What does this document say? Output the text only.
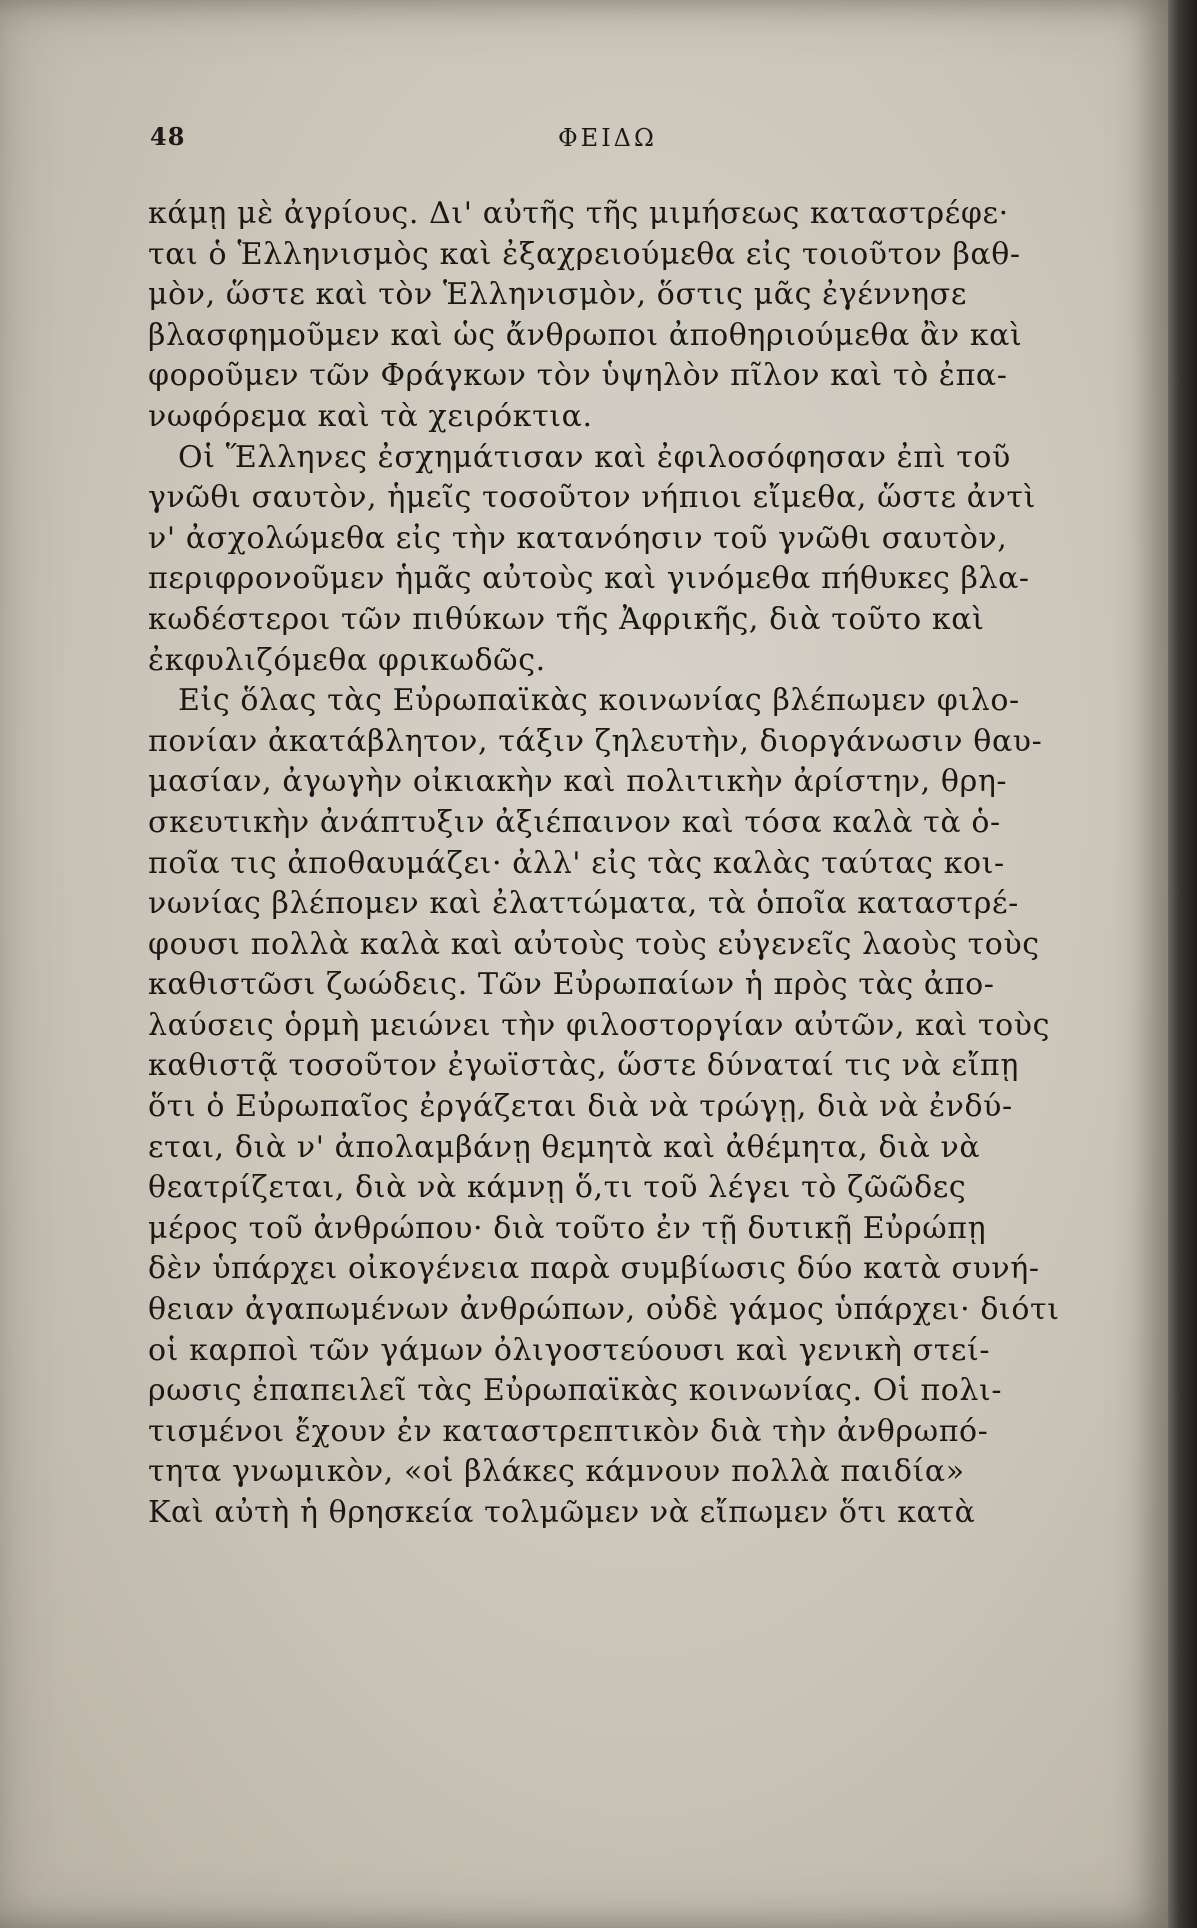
48	ΦΕΙΔΩ
κάμῃ μὲ ἀγρίους. Δι' αὐτῆς τῆς μιμήσεως καταστρέφε·
ται ὁ Ἑλληνισμὸς καὶ ἐξαχρειούμεθα εἰς τοιοῦτον βαθ-
μὸν, ὥστε καὶ τὸν Ἑλληνισμὸν, ὅστις μᾶς ἐγέννησε
βλασφημοῦμεν καὶ ὡς ἄνθρωποι ἀποθηριούμεθα ἂν καὶ
φοροῦμεν τῶν Φράγκων τὸν ὑψηλὸν πῖλον καὶ τὸ ἐπα-
νωφόρεμα καὶ τὰ χειρόκτια.
Οἱ Ἕλληνες ἐσχημάτισαν καὶ ἐφιλοσόφησαν ἐπὶ τοῦ
γνῶθι σαυτὸν, ἡμεῖς τοσοῦτον νήπιοι εἴμεθα, ὥστε ἀντὶ
ν' ἀσχολώμεθα εἰς τὴν κατανόησιν τοῦ γνῶθι σαυτὸν,
περιφρονοῦμεν ἡμᾶς αὐτοὺς καὶ γινόμεθα πήθυκες βλα-
κωδέστεροι τῶν πιθύκων τῆς Ἀφρικῆς, διὰ τοῦτο καὶ
ἐκφυλιζόμεθα φρικωδῶς.
Εἰς ὅλας τὰς Εὐρωπαϊκὰς κοινωνίας βλέπωμεν φιλο-
πονίαν ἀκατάβλητον, τάξιν ζηλευτὴν, διοργάνωσιν θαυ-
μασίαν, ἀγωγὴν οἰκιακὴν καὶ πολιτικὴν ἀρίστην, θρη-
σκευτικὴν ἀνάπτυξιν ἀξιέπαινον καὶ τόσα καλὰ τὰ ὁ-
ποῖα τις ἀποθαυμάζει· ἀλλ' εἰς τὰς καλὰς ταύτας κοι-
νωνίας βλέπομεν καὶ ἐλαττώματα, τὰ ὁποῖα καταστρέ-
φουσι πολλὰ καλὰ καὶ αὐτοὺς τοὺς εὐγενεῖς λαοὺς τοὺς
καθιστῶσι ζωώδεις. Τῶν Εὐρωπαίων ἡ πρὸς τὰς ἀπο-
λαύσεις ὁρμὴ μειώνει τὴν φιλοστοργίαν αὐτῶν, καὶ τοὺς
καθιστᾷ τοσοῦτον ἐγωϊστὰς, ὥστε δύναταί τις νὰ εἴπῃ
ὅτι ὁ Εὐρωπαῖος ἐργάζεται διὰ νὰ τρώγῃ, διὰ νὰ ἐνδύ-
εται, διὰ ν' ἀπολαμβάνῃ θεμητὰ καὶ ἀθέμητα, διὰ νὰ
θεατρίζεται, διὰ νὰ κάμνῃ ὅ,τι τοῦ λέγει τὸ ζῶῶδες
μέρος τοῦ ἀνθρώπου· διὰ τοῦτο ἐν τῇ δυτικῇ Εὐρώπῃ
δὲν ὑπάρχει οἰκογένεια παρὰ συμβίωσις δύο κατὰ συνή-
θειαν ἀγαπωμένων ἀνθρώπων, οὐδὲ γάμος ὑπάρχει· διότι
οἱ καρποὶ τῶν γάμων ὀλιγοστεύουσι καὶ γενικὴ στεί-
ρωσις ἐπαπειλεῖ τὰς Εὐρωπαϊκὰς κοινωνίας. Οἱ πολι-
τισμένοι ἔχουν ἐν καταστρεπτικὸν διὰ τὴν ἀνθρωπό-
τητα γνωμικὸν, «οἱ βλάκες κάμνουν πολλὰ παιδία»
Καὶ αὐτὴ ἡ θρησκεία τολμῶμεν νὰ εἴπωμεν ὅτι κατὰ
